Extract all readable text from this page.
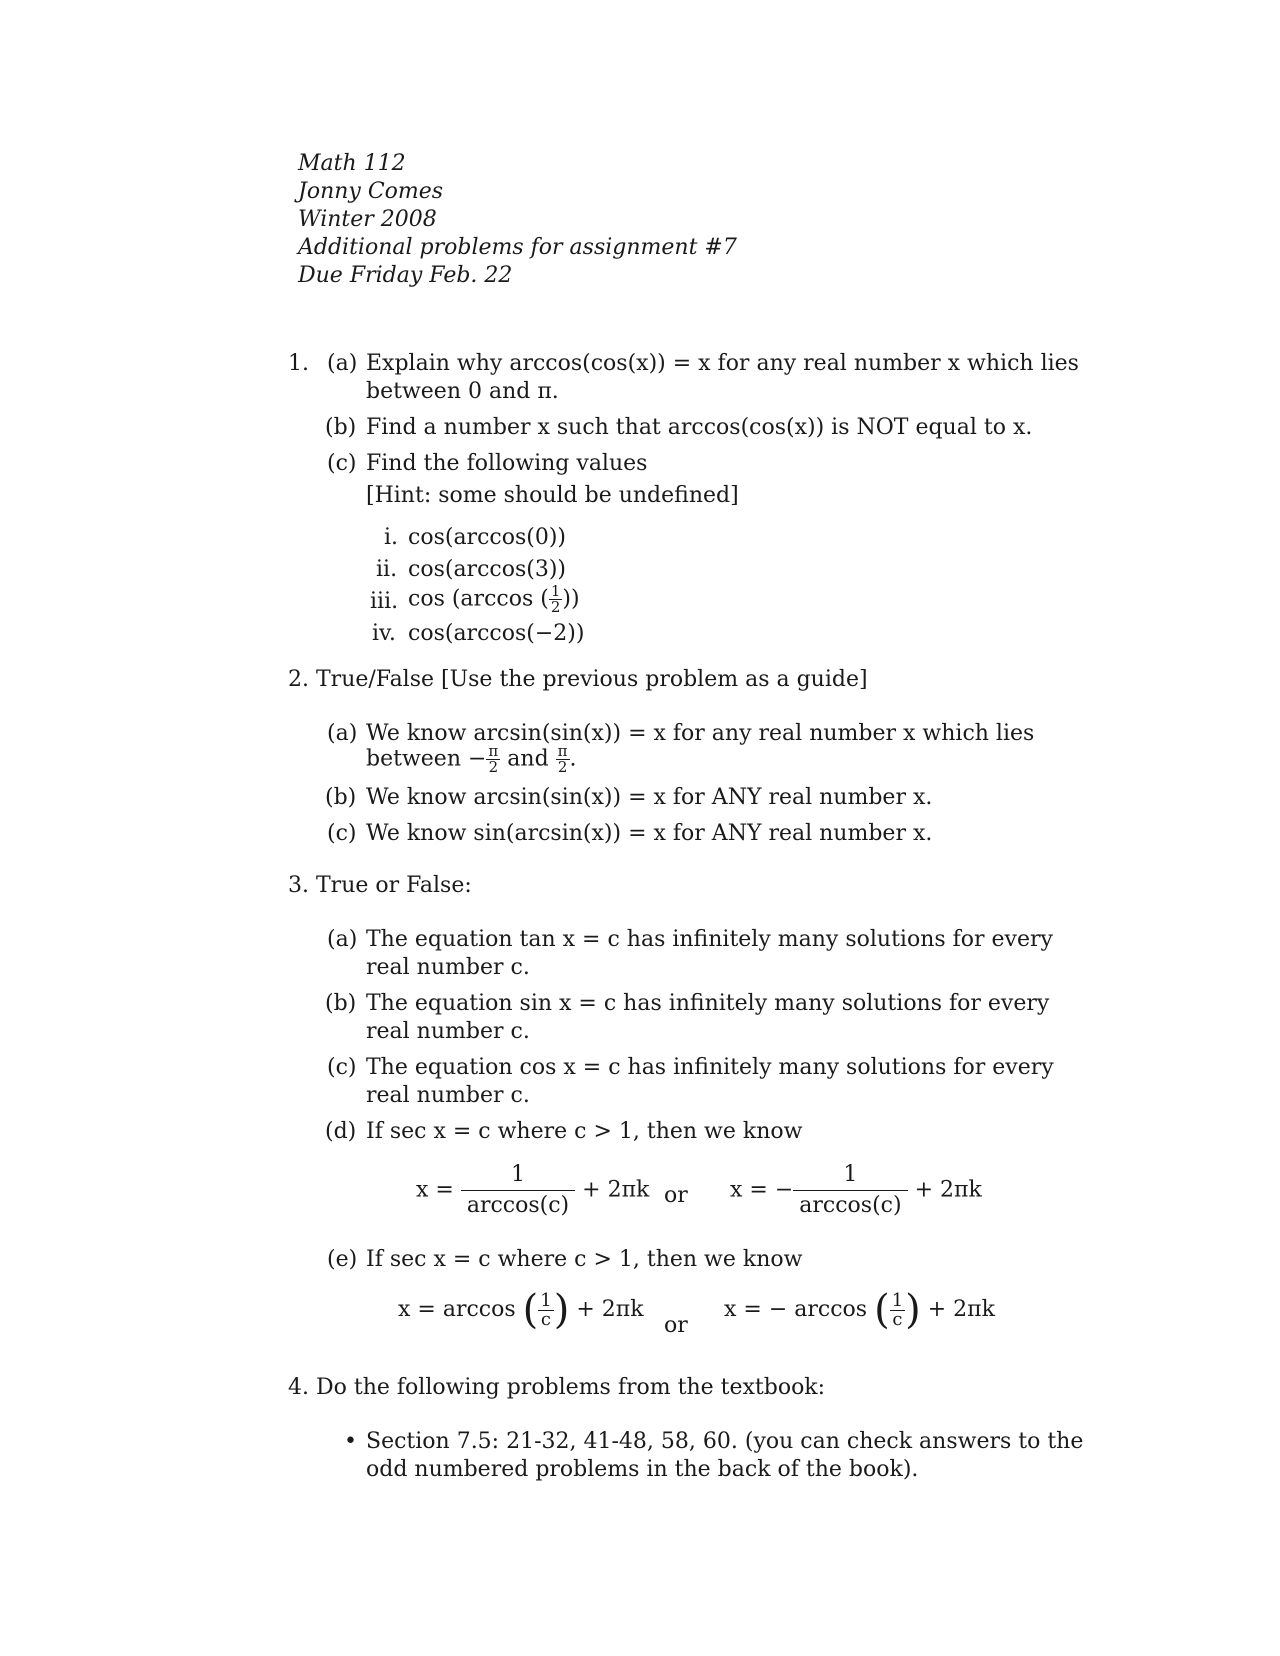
Math 112
Jonny Comes
Winter 2008
Additional problems for assignment #7
Due Friday Feb. 22
1. (a) Explain why arccos(cos(x)) = x for any real number x which lies
between 0 and π.
(b) Find a number x such that arccos(cos(x)) is NOT equal to x.
(c) Find the following values
[Hint: some should be undefined]
i. cos(arccos(0))
ii. cos(arccos(3))
iii. cos (arccos ( $\frac{1}{2}$ ))
iv. cos(arccos(−2))
2. True/False [Use the previous problem as a guide]
(a) We know arcsin(sin(x)) = x for any real number x which lies
between − $\frac{\pi}{2}$ and $\frac{\pi}{2}$ .
(b) We know arcsin(sin(x)) = x for ANY real number x.
(c) We know sin(arcsin(x)) = x for ANY real number x.
3. True or False:
(a) The equation tan x = c has infinitely many solutions for every
real number c.
(b) The equation sin x = c has infinitely many solutions for every
real number c.
(c) The equation cos x = c has infinitely many solutions for every
real number c.
(d) If sec x = c where c > 1, then we know
$x = \frac{1}{\arccos(c)} + 2\pi k$ or x = − $\frac{1}{\arccos(c)} + 2\pi k$
(e) If sec x = c where c > 1, then we know
x = arccos ( $\frac{1}{c}$ ) + 2πk
or
x = − arccos ( $\frac{1}{c}$ ) + 2πk
4. Do the following problems from the textbook:
• Section 7.5: 21-32, 41-48, 58, 60. (you can check answers to the
odd numbered problems in the back of the book).
